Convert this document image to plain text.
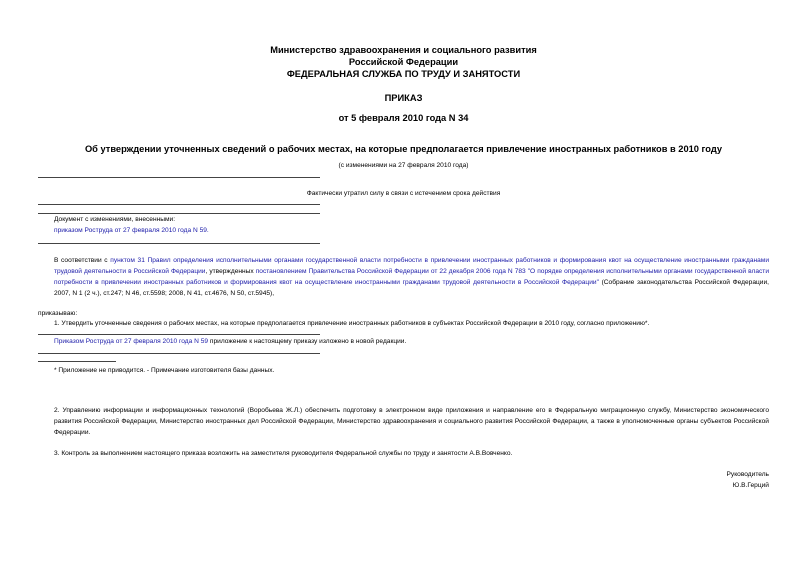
Министерство здравоохранения и социального развития
Российской Федерации
ФЕДЕРАЛЬНАЯ СЛУЖБА ПО ТРУДУ И ЗАНЯТОСТИ
ПРИКАЗ
от 5 февраля 2010 года N 34
Об утверждении уточненных сведений о рабочих местах, на которые предполагается привлечение иностранных работников в 2010 году
(с изменениями на 27 февраля 2010 года)
Фактически утратил силу в связи с истечением срока действия
Документ с изменениями, внесенными:
приказом Роструда от 27 февраля 2010 года N 59.
В соответствии с пунктом 31 Правил определения исполнительными органами государственной власти потребности в привлечении иностранных работников и формирования квот на осуществление иностранными гражданами трудовой деятельности в Российской Федерации, утвержденных постановлением Правительства Российской Федерации от 22 декабря 2006 года N 783 "О порядке определения исполнительными органами государственной власти потребности в привлечении иностранных работников и формирования квот на осуществление иностранными гражданами трудовой деятельности в Российской Федерации" (Собрание законодательства Российской Федерации, 2007, N 1 (2 ч.), ст.247; N 46, ст.5598; 2008, N 41, ст.4676, N 50, ст.5945),
приказываю:
1. Утвердить уточненные сведения о рабочих местах, на которые предполагается привлечение иностранных работников в субъектах Российской Федерации в 2010 году, согласно приложению*.
Приказом Роструда от 27 февраля 2010 года N 59 приложение к настоящему приказу изложено в новой редакции.
* Приложение не приводится. - Примечание изготовителя базы данных.
2. Управлению информации и информационных технологий (Воробьева Ж.Л.) обеспечить подготовку в электронном виде приложения и направление его в Федеральную миграционную службу, Министерство экономического развития Российской Федерации, Министерство иностранных дел Российской Федерации, Министерство здравоохранения и социального развития Российской Федерации, а также в уполномоченные органы субъектов Российской Федерации.
3. Контроль за выполнением настоящего приказа возложить на заместителя руководителя Федеральной службы по труду и занятости А.В.Вовченко.
Руководитель
Ю.В.Герций
